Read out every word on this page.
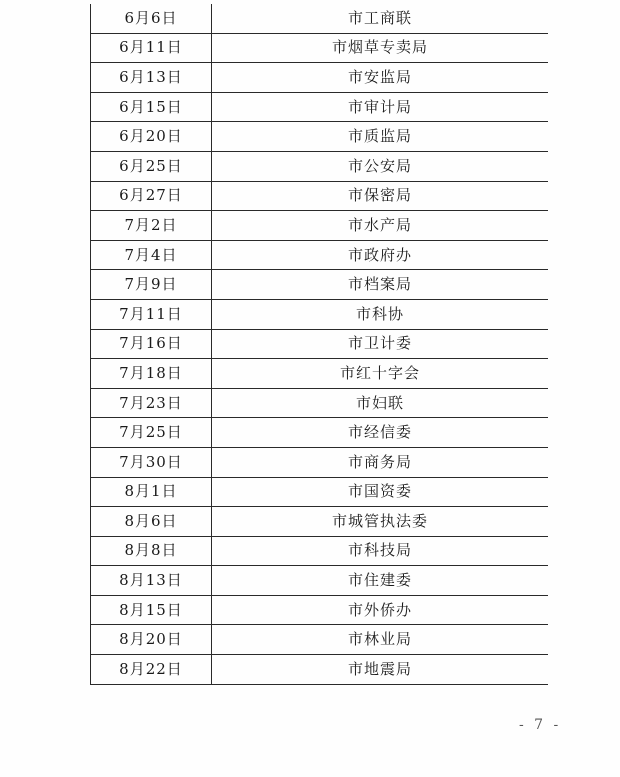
6月6日	市工商联
6月11日	市烟草专卖局
6月13日	市安监局
6月15日	市审计局
6月20日	市质监局
6月25日	市公安局
6月27日	市保密局
7月2日	市水产局
7月4日	市政府办
7月9日	市档案局
7月11日	市科协
7月16日	市卫计委
7月18日	市红十字会
7月23日	市妇联
7月25日	市经信委
7月30日	市商务局
8月1日	市国资委
8月6日	市城管执法委
8月8日	市科技局
8月13日	市住建委
8月15日	市外侨办
8月20日	市林业局
8月22日	市地震局
- 7 -
